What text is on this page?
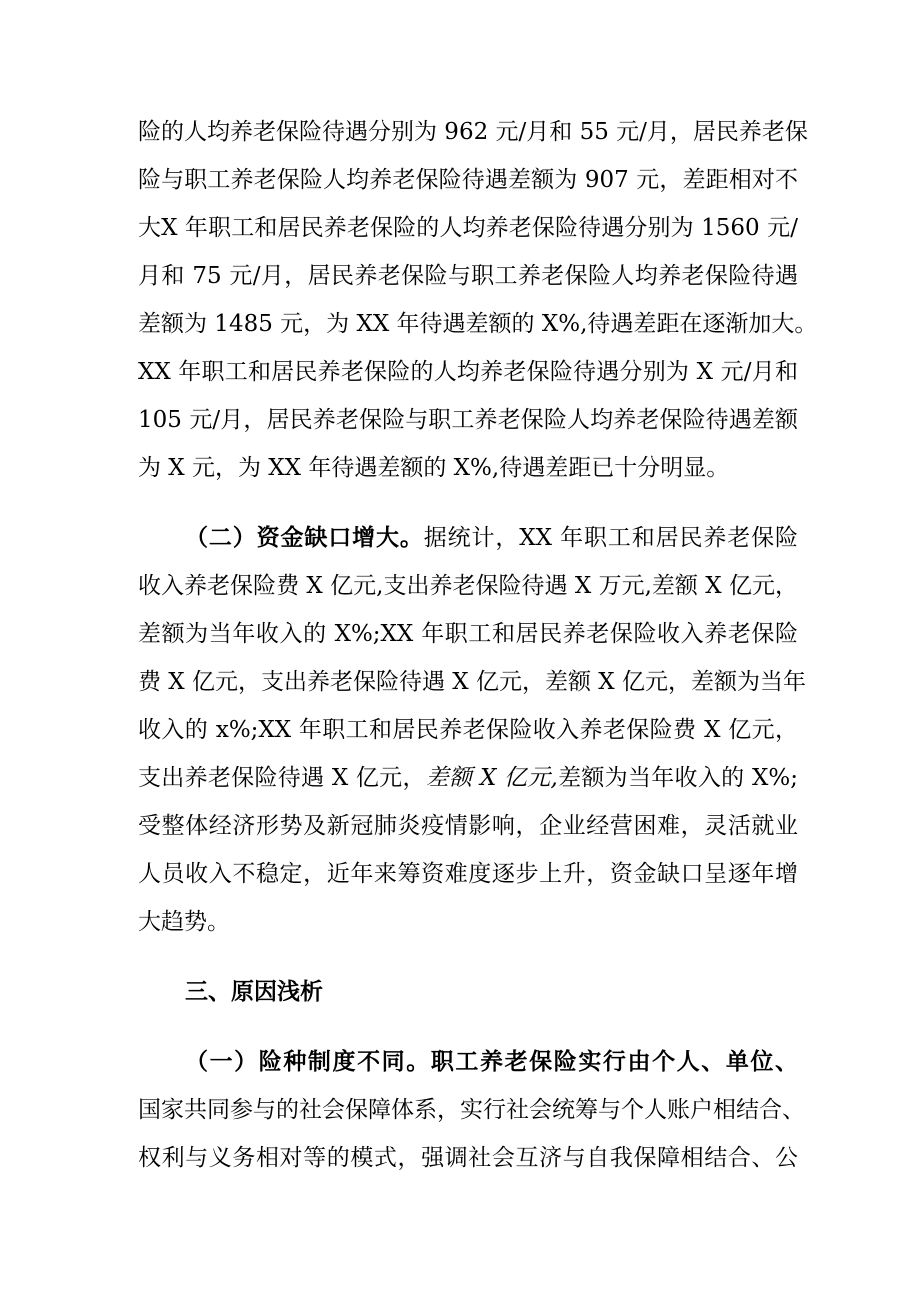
险的人均养老保险待遇分别为 962 元/月和 55 元/月，居民养老保
险与职工养老保险人均养老保险待遇差额为 907 元，差距相对不
大X 年职工和居民养老保险的人均养老保险待遇分别为 1560 元/
月和 75 元/月，居民养老保险与职工养老保险人均养老保险待遇
差额为 1485 元，为 XX 年待遇差额的 X%,待遇差距在逐渐加大。
XX 年职工和居民养老保险的人均养老保险待遇分别为 X 元/月和
105 元/月，居民养老保险与职工养老保险人均养老保险待遇差额
为 X 元，为 XX 年待遇差额的 X%,待遇差距已十分明显。
（二）资金缺口增大。据统计，XX 年职工和居民养老保险
收入养老保险费 X 亿元,支出养老保险待遇 X 万元,差额 X 亿元，
差额为当年收入的 X%;XX 年职工和居民养老保险收入养老保险
费 X 亿元，支出养老保险待遇 X 亿元，差额 X 亿元，差额为当年
收入的 x%;XX 年职工和居民养老保险收入养老保险费 X 亿元，
支出养老保险待遇 X 亿元，差额 X 亿元,差额为当年收入的 X%;
受整体经济形势及新冠肺炎疫情影响，企业经营困难，灵活就业
人员收入不稳定，近年来筹资难度逐步上升，资金缺口呈逐年增
大趋势。
三、原因浅析
（一）险种制度不同。职工养老保险实行由个人、单位、
国家共同参与的社会保障体系，实行社会统筹与个人账户相结合、
权利与义务相对等的模式，强调社会互济与自我保障相结合、公
